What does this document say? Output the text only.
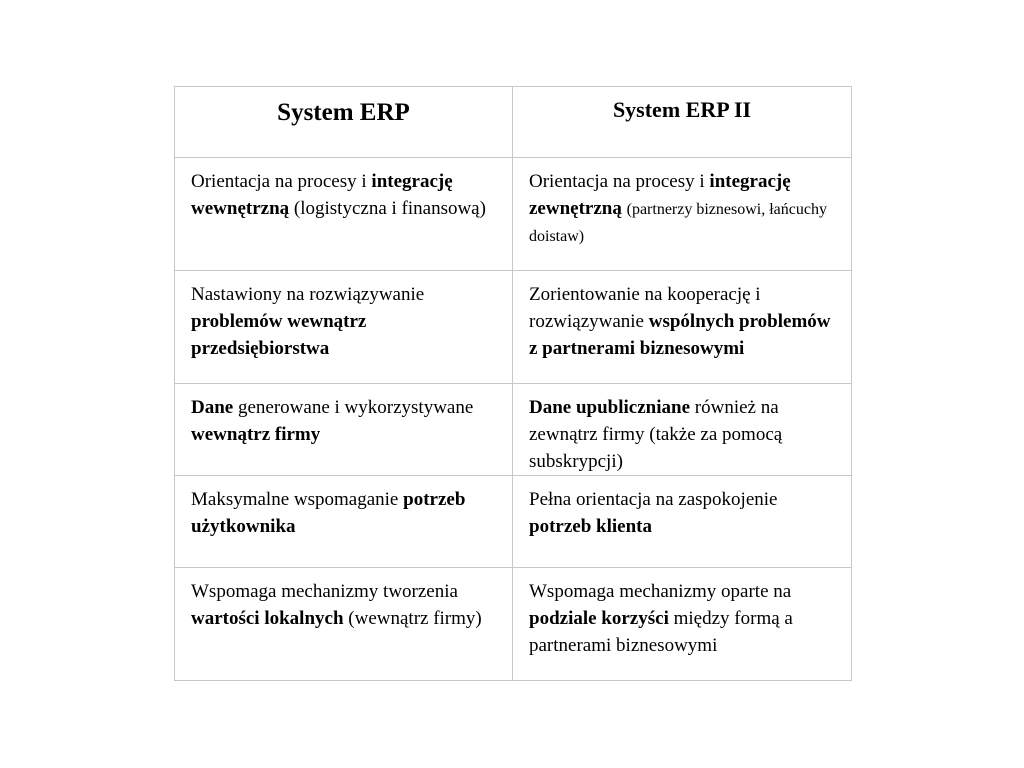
System ERP	System ERP II

Orientacja na procesy i integrację wewnętrzną (logistyczna i finansową)	Orientacja na procesy i integrację zewnętrzną (partnerzy biznesowi, łańcuchy doistaw)

Nastawiony na rozwiązywanie problemów wewnątrz przedsiębiorstwa	Zorientowanie na kooperację i rozwiązywanie wspólnych problemów z partnerami biznesowymi

Dane generowane i wykorzystywane wewnątrz firmy	Dane upubliczniane również na zewnątrz firmy (także za pomocą subskrypcji)

Maksymalne wspomaganie potrzeb użytkownika	Pełna orientacja na zaspokojenie potrzeb klienta

Wspomaga mechanizmy tworzenia wartości lokalnych (wewnątrz firmy)	Wspomaga mechanizmy oparte na podziale korzyści między formą a partnerami biznesowymi
